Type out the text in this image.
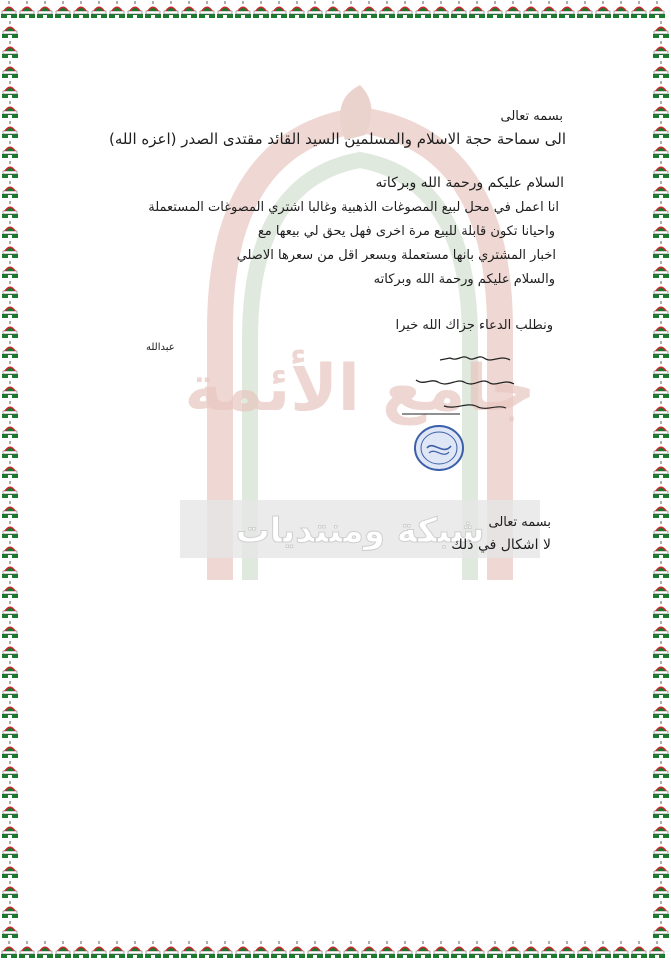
جامع الأئمة
شبكة ومنتديات
بسمه تعالى
الى سماحة حجة الاسلام والمسلمين السيد القائد مقتدى الصدر (اعزه الله)
السلام عليكم ورحمة الله وبركاته
انا اعمل في محل لبيع المصوغات الذهبية وغالبا اشتري المصوغات المستعملة
واحيانا تكون قابلة للبيع مرة اخرى فهل يحق لي بيعها مع
اخبار المشتري بانها مستعملة وبسعر اقل من سعرها الاصلي
والسلام عليكم ورحمة الله وبركاته
ونطلب الدعاء جزاك الله خيرا
عبدالله
بسمه تعالى
لا اشكال في ذلك
